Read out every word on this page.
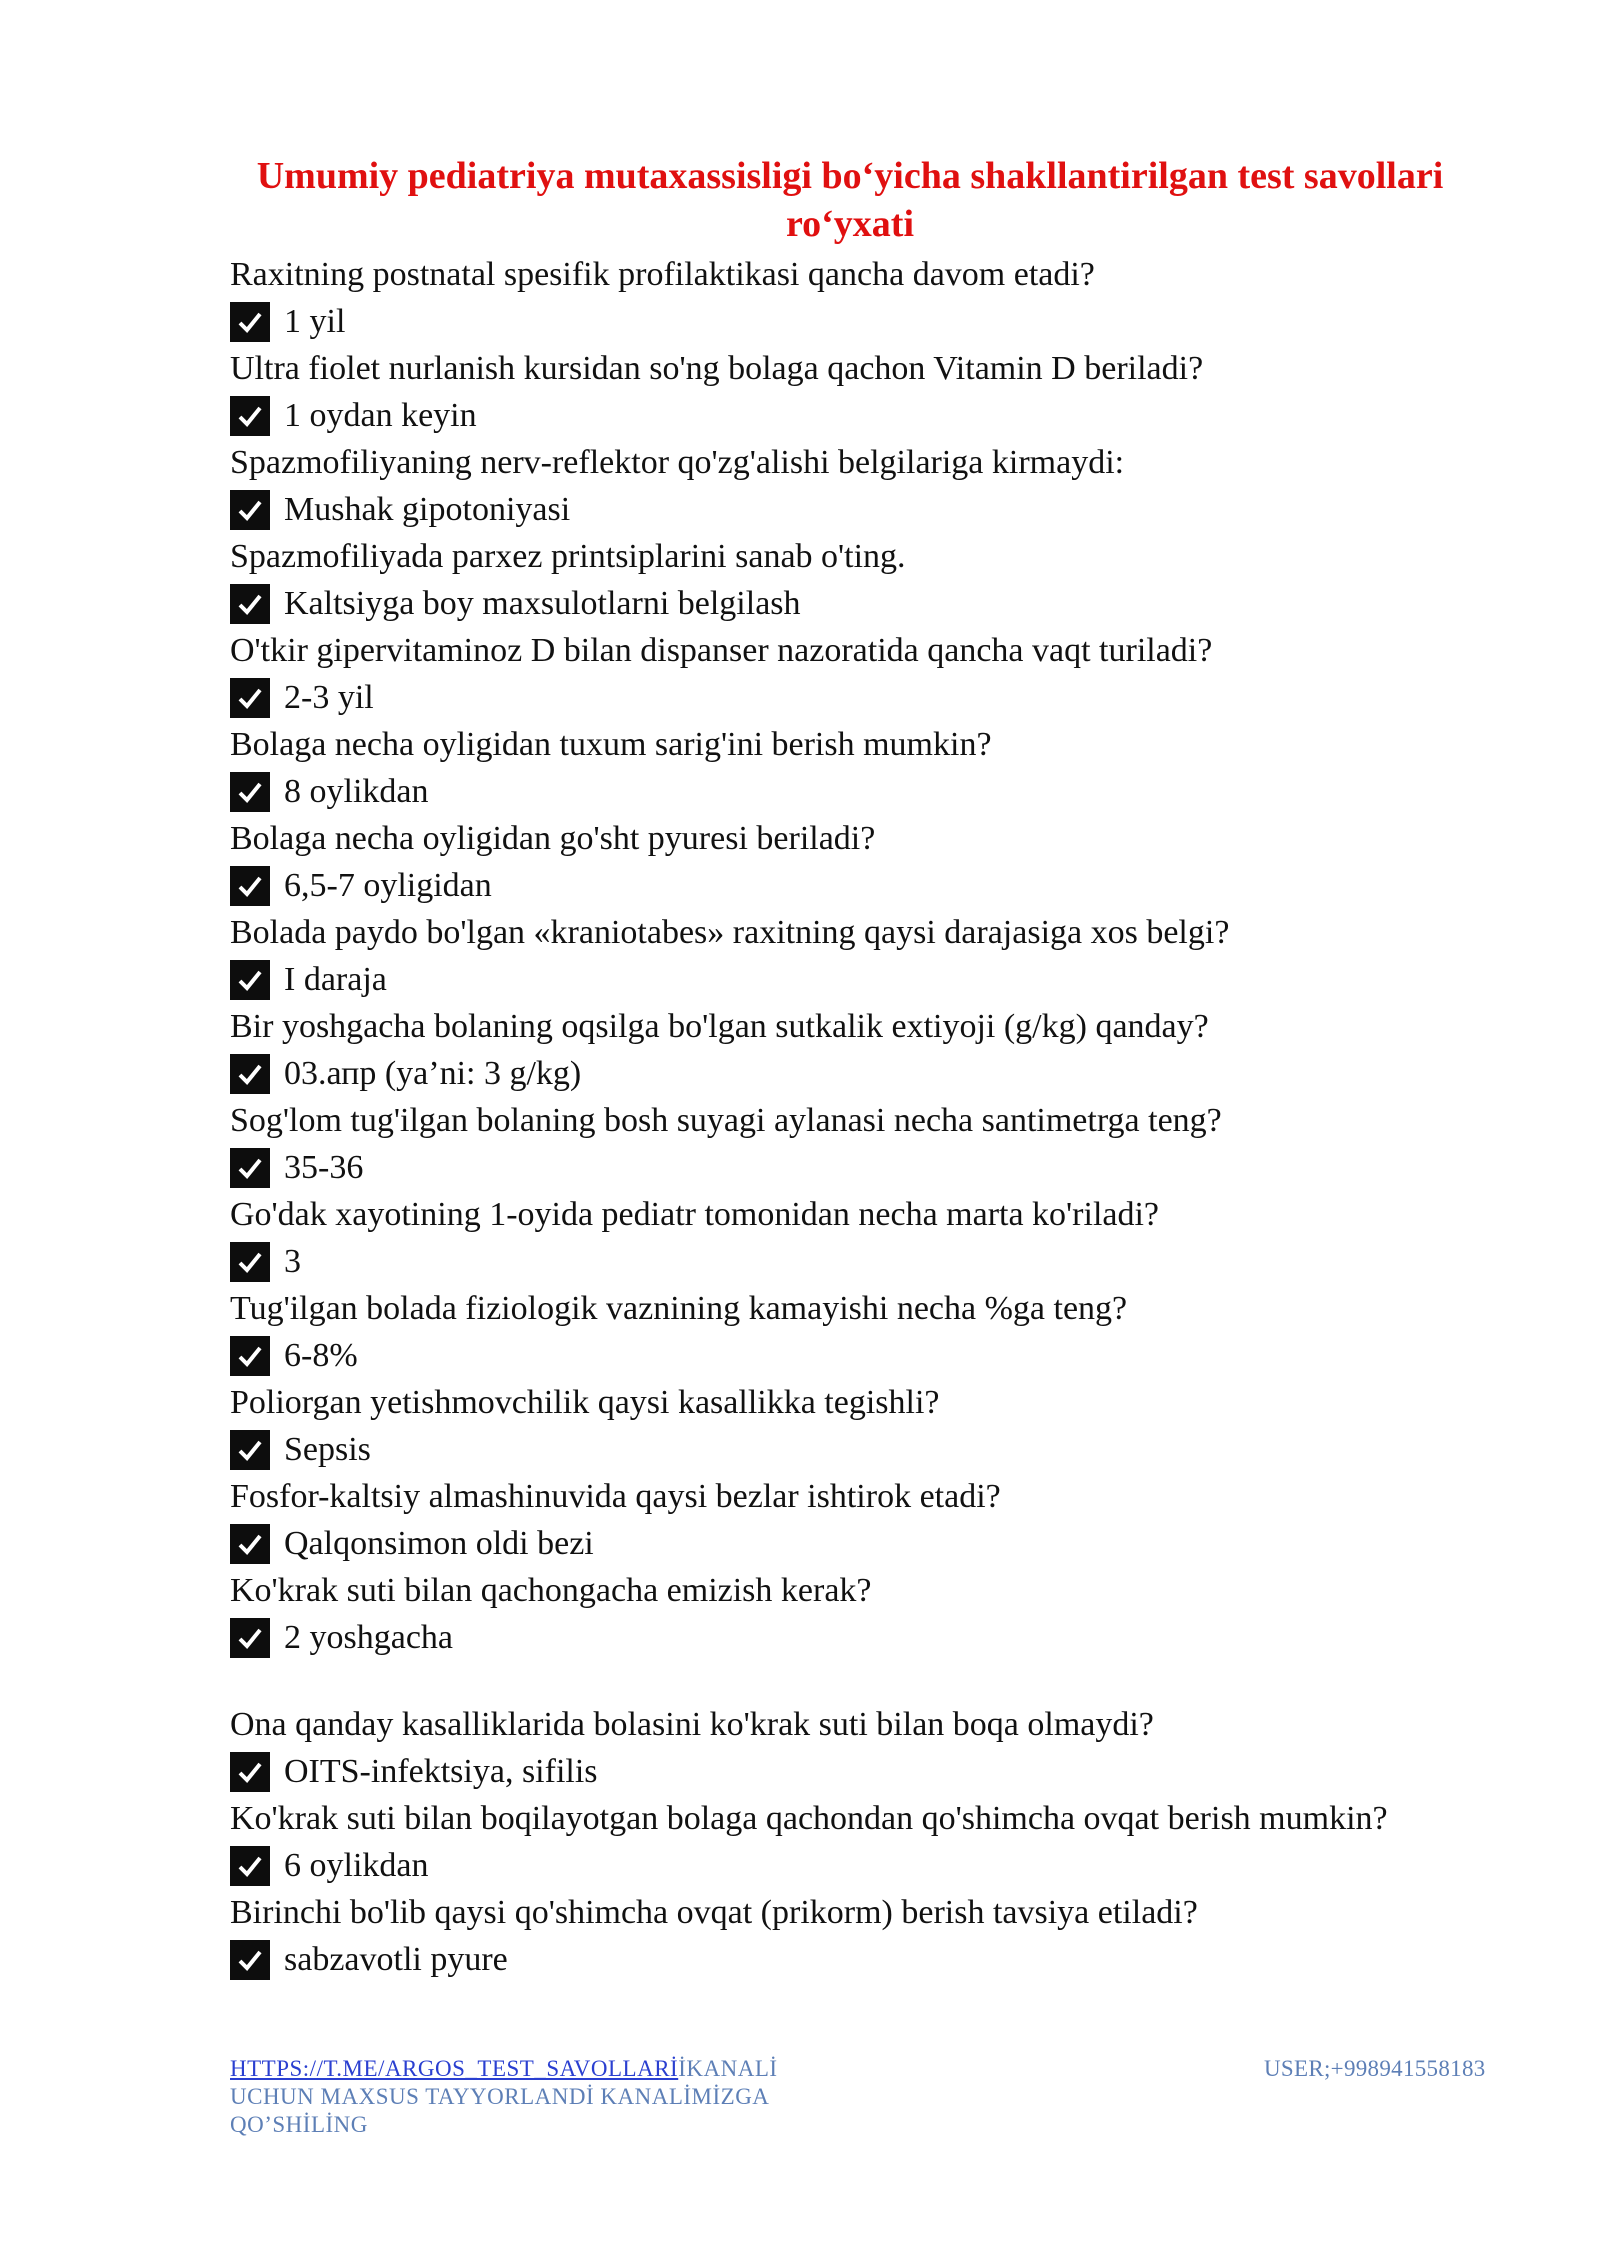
Umumiy pediatriya mutaxassisligi bo‘yicha shakllantirilgan test savollari ro‘yxati

Raxitning postnatal spesifik profilaktikasi qancha davom etadi?

1 yil

Ultra fiolet nurlanish kursidan so'ng bolaga qachon Vitamin D beriladi?

1 oydan keyin

Spazmofiliyaning nerv-reflektor qo'zg'alishi belgilariga kirmaydi:

Mushak gipotoniyasi

Spazmofiliyada parxez printsiplarini sanab o'ting.

Kaltsiyga boy maxsulotlarni belgilash

O'tkir gipervitaminoz D bilan dispanser nazoratida qancha vaqt turiladi?

2-3 yil

Bolaga necha oyligidan tuxum sarig'ini berish mumkin?

8 oylikdan

Bolaga necha oyligidan go'sht pyuresi beriladi?

6,5-7 oyligidan

Bolada paydo bo'lgan «kraniotabes» raxitning qaysi darajasiga xos belgi?

I daraja

Bir yoshgacha bolaning oqsilga bo'lgan sutkalik extiyoji (g/kg) qanday?

03.апр (ya’ni: 3 g/kg)

Sog'lom tug'ilgan bolaning bosh suyagi aylanasi necha santimetrga teng?

35-36

Go'dak xayotining 1-oyida pediatr tomonidan necha marta ko'riladi?

3

Tug'ilgan bolada fiziologik vaznining kamayishi necha %ga teng?

6-8%

Poliorgan yetishmovchilik qaysi kasallikka tegishli?

Sepsis

Fosfor-kaltsiy almashinuvida qaysi bezlar ishtirok etadi?

Qalqonsimon oldi bezi

Ko'krak suti bilan qachongacha emizish kerak?

2 yoshgacha

Ona qanday kasalliklarida bolasini ko'krak suti bilan boqa olmaydi?

OITS-infektsiya, sifilis

Ko'krak suti bilan boqilayotgan bolaga qachondan qo'shimcha ovqat berish mumkin?

6 oylikdan

Birinchi bo'lib qaysi qo'shimcha ovqat (prikorm) berish tavsiya etiladi?

sabzavotli pyure
HTTPS://T.ME/ARGOS_TEST_SAVOLLARİİKANALİ
UCHUN MAXSUS TAYYORLANDİ KANALİMİZGA
QO’SHİLİNG
USER;+998941558183
